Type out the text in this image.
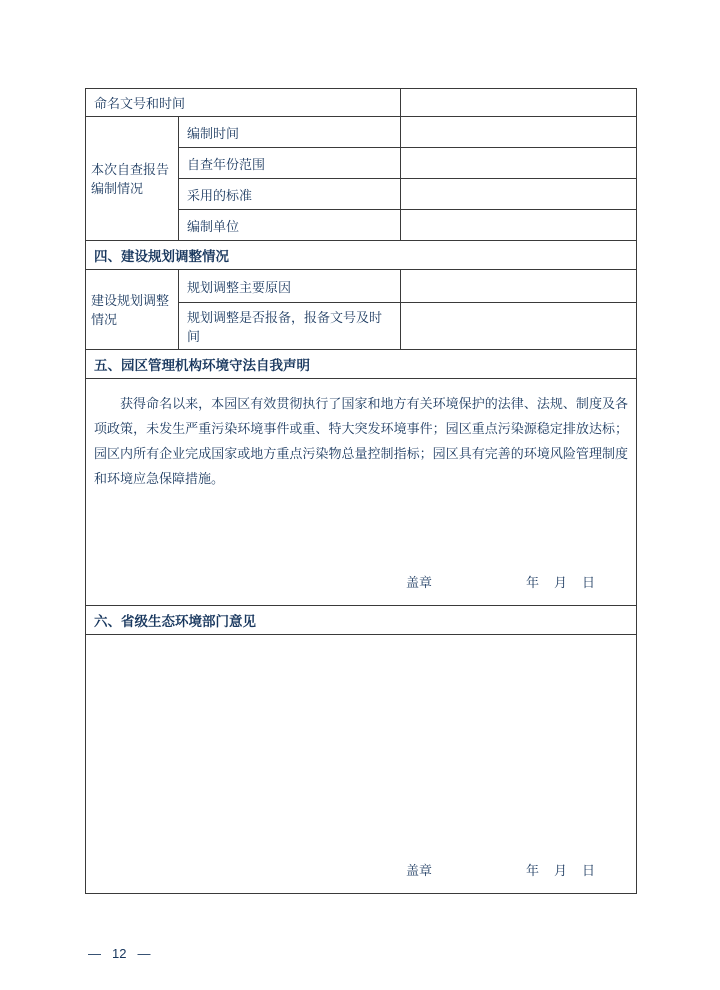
命名文号和时间		
本次自查报告编制情况	编制时间	
	自查年份范围	
	采用的标准	
	编制单位	
四、建设规划调整情况		
建设规划调整情况	规划调整主要原因	
	规划调整是否报备，报备文号及时间	
五、园区管理机构环境守法自我声明		

获得命名以来，本园区有效贯彻执行了国家和地方有关环境保护的法律、法规、制度及各项政策，未发生严重污染环境事件或重、特大突发环境事件；园区重点污染源稳定排放达标；园区内所有企业完成国家或地方重点污染物总量控制指标；园区具有完善的环境风险管理制度和环境应急保障措施。
盖章 年 月 日		

六、省级生态环境部门意见		

盖章 年 月 日		
— 12 —
